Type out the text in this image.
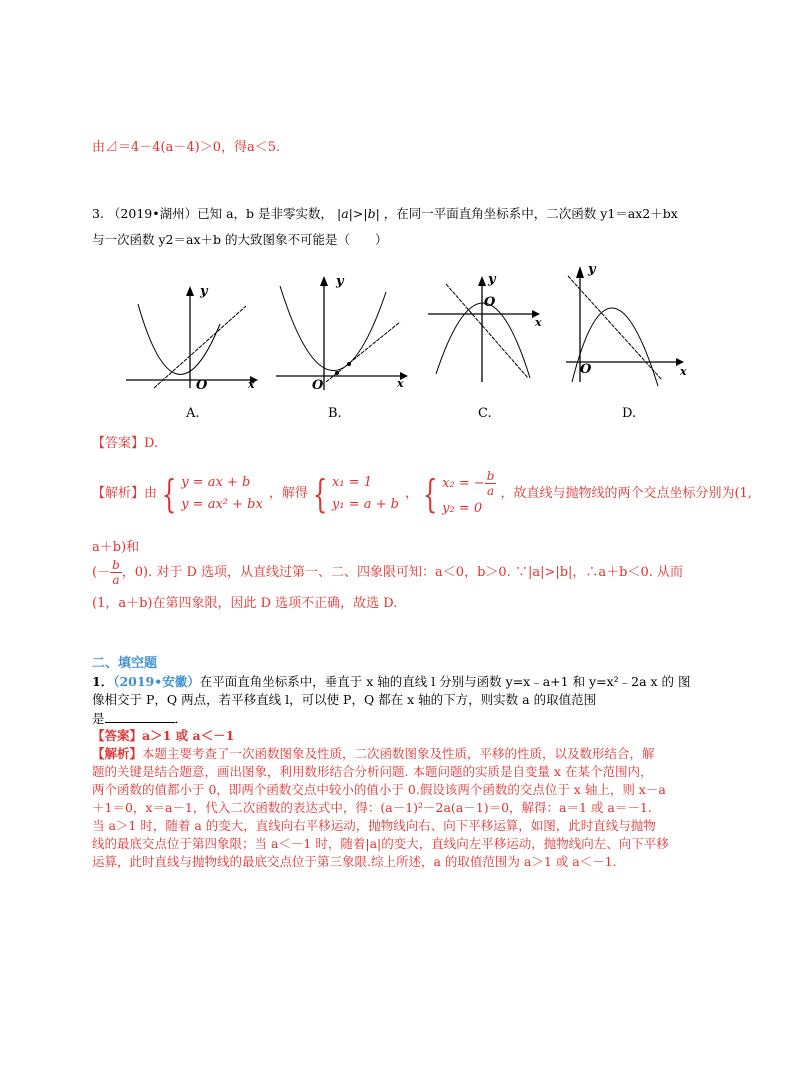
由⊿＝4－4(a－4)＞0，得a＜5.
3. （2019•湖州）已知 a，b 是非零实数， |a|>|b| ，在同一平面直角坐标系中，二次函数 y1＝ax2＋bx
与一次函数 y2＝ax＋b 的大致图象不可能是（　　）
y
O	x
A.
y
O	x
B.
y
O
x
C.
y
O	x
D.
【答案】D.
【解析】由 { y = ax + b
y = ax² + bx
，解得 { x₁ = 1
y₁ = a + b
， { x₂ = − $\frac{b}{a}$
y₂ = 0
，故直线与抛物线的两个交点坐标分别为(1,
a＋b)和
(－ $\frac{b}{a}$ ，0). 对于 D 选项，从直线过第一、二、四象限可知：a＜0，b＞0. ∵|a|>|b|，∴a＋b＜0. 从而
(1，a＋b)在第四象限，因此 D 选项不正确，故选 D.
二、填空题
1．（2019•安徽）在平面直角坐标系中，垂直于 x 轴的直线 l 分别与函数 y=x﹣a+1 和 y=x²﹣2a x 的 图
像相交于 P，Q 两点，若平移直线 l，可以使 P，Q 都在 x 轴的下方，则实数 a 的取值范围
是	．
【答案】a＞1 或 a＜－1
【解析】本题主要考查了一次函数图象及性质，二次函数图象及性质，平移的性质，以及数形结合，解
题的关键是结合题意，画出图象，利用数形结合分析问题. 本题问题的实质是自变量 x 在某个范围内，
两个函数的值都小于 0，即两个函数交点中较小的值小于 0.假设该两个函数的交点位于 x 轴上，则 x－a
＋1＝0，x＝a－1，代入二次函数的表达式中，得：(a－1)²－2a(a－1)＝0，解得：a＝1 或 a＝－1.
当 a＞1 时，随着 a 的变大，直线向右平移运动，抛物线向右、向下平移运算，如图，此时直线与抛物
线的最底交点位于第四象限；当 a＜－1 时，随着|a|的变大，直线向左平移运动，抛物线向左、向下平移
运算，此时直线与抛物线的最底交点位于第三象限.综上所述，a 的取值范围为 a＞1 或 a＜－1.
